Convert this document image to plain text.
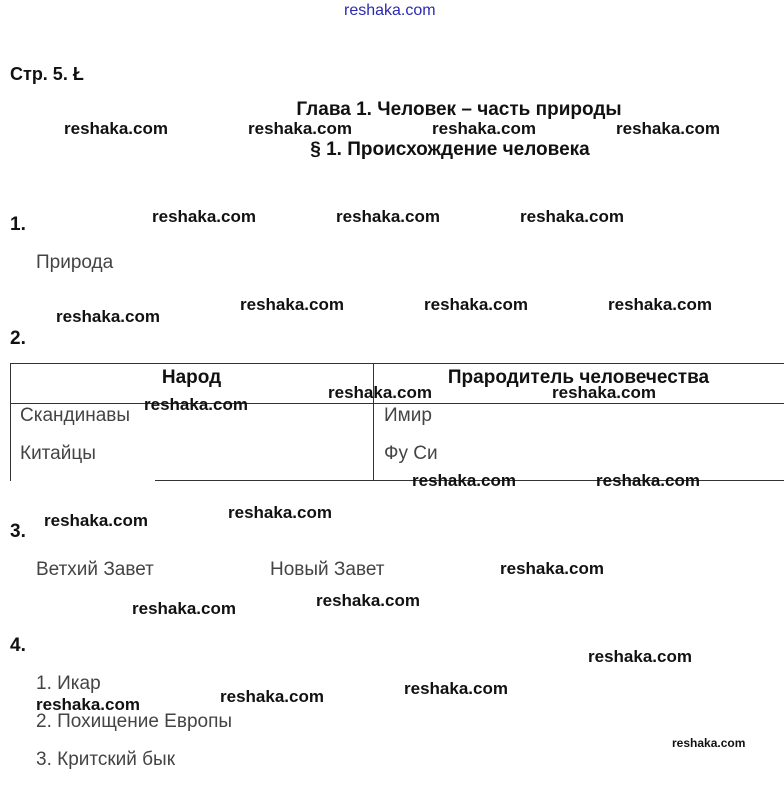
reshaka.com
Стр. 5. Ł
Глава 1. Человек – часть природы
§ 1. Происхождение человека
1.
Природа
2.
Народ	Прародитель человечества
Скандинавы	Имир
Китайцы	Фу Си
3.
Ветхий Завет	Новый Завет
4.
1. Икар
2. Похищение Европы
3. Критский бык
reshaka.com	reshaka.com	reshaka.com	reshaka.com
reshaka.com	reshaka.com	reshaka.com
reshaka.com	reshaka.com	reshaka.com
reshaka.com
reshaka.com	reshaka.com
reshaka.com
reshaka.com	reshaka.com
reshaka.com
reshaka.com
reshaka.com
reshaka.com
reshaka.com
reshaka.com
reshaka.com
reshaka.com
reshaka.com
reshaka.com
